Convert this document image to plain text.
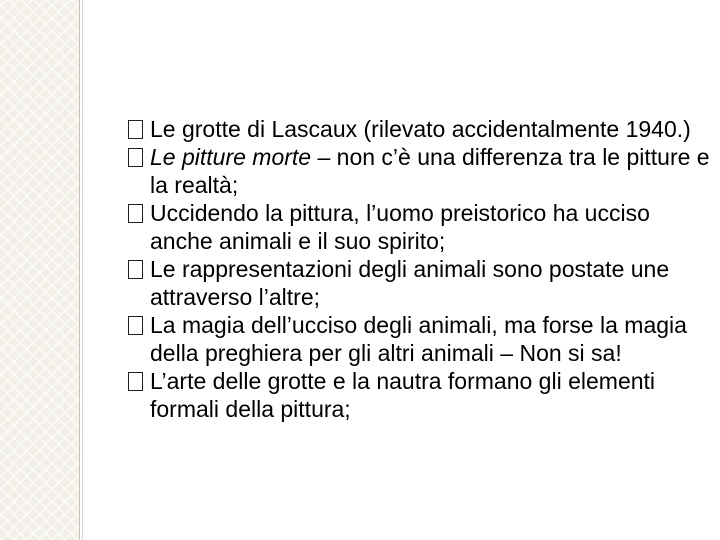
Le grotte di Lascaux (rilevato accidentalmente 1940.)
Le pitture morte – non c’è una differenza tra le pitture e la realtà;
Uccidendo la pittura, l’uomo preistorico ha ucciso anche animali e il suo spirito;
Le rappresentazioni degli animali sono postate une attraverso l’altre;
La magia dell’ucciso degli animali, ma forse la magia della preghiera per gli altri animali – Non si sa!
L’arte delle grotte e la nautra formano gli elementi formali della pittura;
